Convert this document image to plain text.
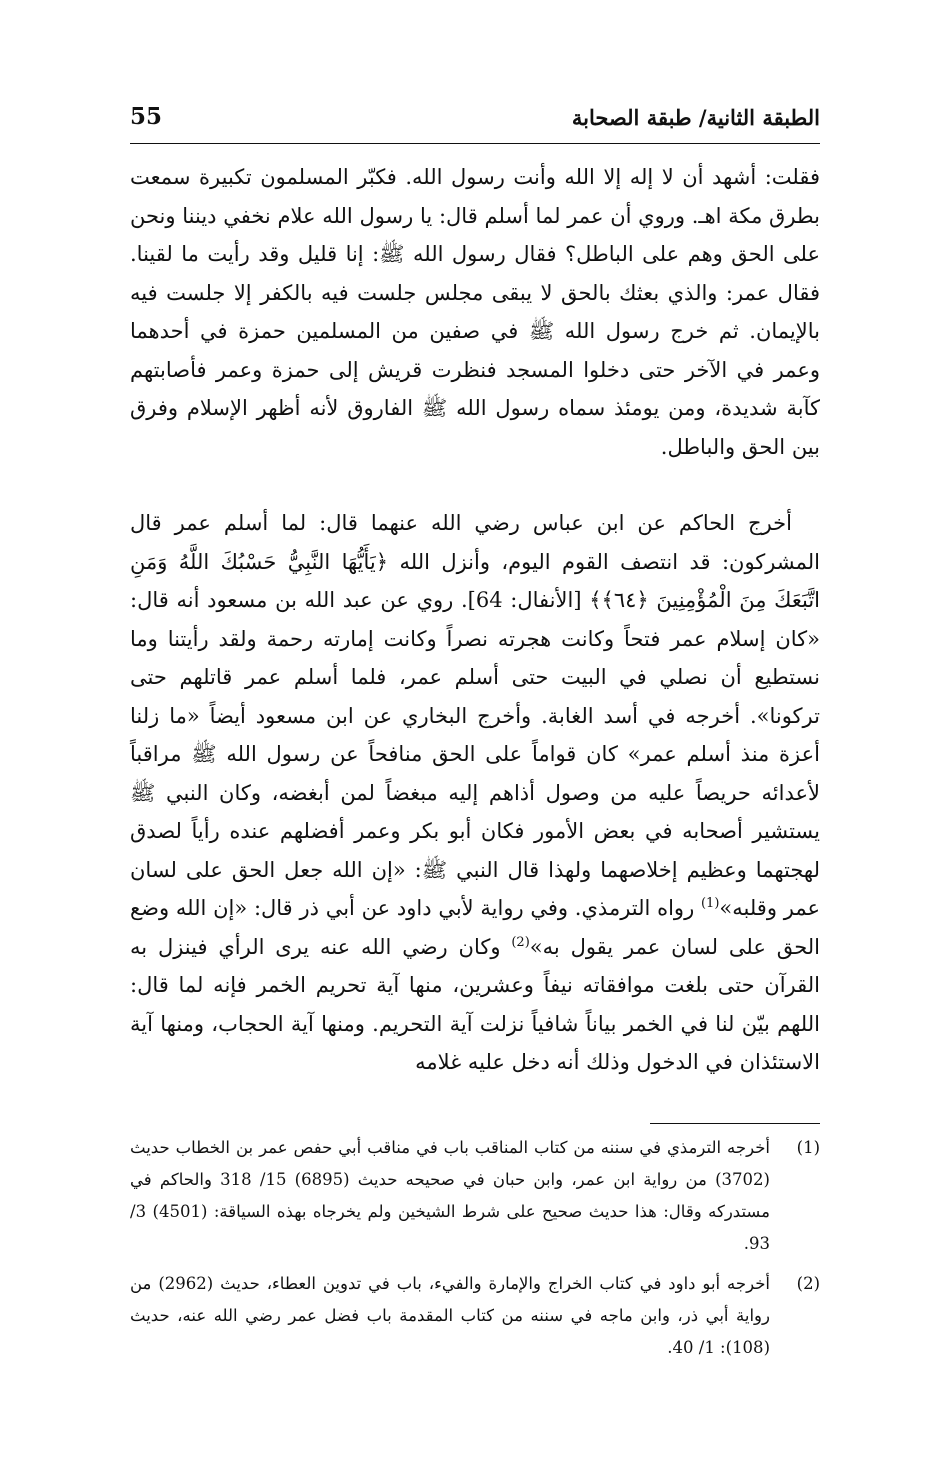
الطبقة الثانية/ طبقة الصحابة
55

فقلت: أشهد أن لا إله إلا الله وأنت رسول الله. فكبّر المسلمون تكبيرة سمعت بطرق مكة اهـ. وروي أن عمر لما أسلم قال: يا رسول الله علام نخفي ديننا ونحن على الحق وهم على الباطل؟ فقال رسول الله ﷺ: إنا قليل وقد رأيت ما لقينا. فقال عمر: والذي بعثك بالحق لا يبقى مجلس جلست فيه بالكفر إلا جلست فيه بالإيمان. ثم خرج رسول الله ﷺ في صفين من المسلمين حمزة في أحدهما وعمر في الآخر حتى دخلوا المسجد فنظرت قريش إلى حمزة وعمر فأصابتهم كآبة شديدة، ومن يومئذ سماه رسول الله ﷺ الفاروق لأنه أظهر الإسلام وفرق بين الحق والباطل.

أخرج الحاكم عن ابن عباس رضي الله عنهما قال: لما أسلم عمر قال المشركون: قد انتصف القوم اليوم، وأنزل الله ﴿يَأَيُّهَا النَّبِيُّ حَسْبُكَ اللَّهُ وَمَنِ اتَّبَعَكَ مِنَ الْمُؤْمِنِينَ ﴿٦٤﴾﴾ [الأنفال: 64]. روي عن عبد الله بن مسعود أنه قال: «كان إسلام عمر فتحاً وكانت هجرته نصراً وكانت إمارته رحمة ولقد رأيتنا وما نستطيع أن نصلي في البيت حتى أسلم عمر، فلما أسلم عمر قاتلهم حتى تركونا». أخرجه في أسد الغابة. وأخرج البخاري عن ابن مسعود أيضاً «ما زلنا أعزة منذ أسلم عمر» كان قواماً على الحق منافحاً عن رسول الله ﷺ مراقباً لأعدائه حريصاً عليه من وصول أذاهم إليه مبغضاً لمن أبغضه، وكان النبي ﷺ يستشير أصحابه في بعض الأمور فكان أبو بكر وعمر أفضلهم عنده رأياً لصدق لهجتهما وعظيم إخلاصهما ولهذا قال النبي ﷺ: «إن الله جعل الحق على لسان عمر وقلبه»$^{(1)}$ رواه الترمذي. وفي رواية لأبي داود عن أبي ذر قال: «إن الله وضع الحق على لسان عمر يقول به»$^{(2)}$ وكان رضي الله عنه يرى الرأي فينزل به القرآن حتى بلغت موافقاته نيفاً وعشرين، منها آية تحريم الخمر فإنه لما قال: اللهم بيّن لنا في الخمر بياناً شافياً نزلت آية التحريم. ومنها آية الحجاب، ومنها آية الاستئذان في الدخول وذلك أنه دخل عليه غلامه

(1)
أخرجه الترمذي في سننه من كتاب المناقب باب في مناقب أبي حفص عمر بن الخطاب حديث (3702) من رواية ابن عمر، وابن حبان في صحيحه حديث (6895) 15/ 318 والحاكم في مستدركه وقال: هذا حديث صحيح على شرط الشيخين ولم يخرجاه بهذه السياقة: (4501) 3/ 93.
(2)
أخرجه أبو داود في كتاب الخراج والإمارة والفيء، باب في تدوين العطاء، حديث (2962) من رواية أبي ذر، وابن ماجه في سننه من كتاب المقدمة باب فضل عمر رضي الله عنه، حديث (108): 1/ 40.
